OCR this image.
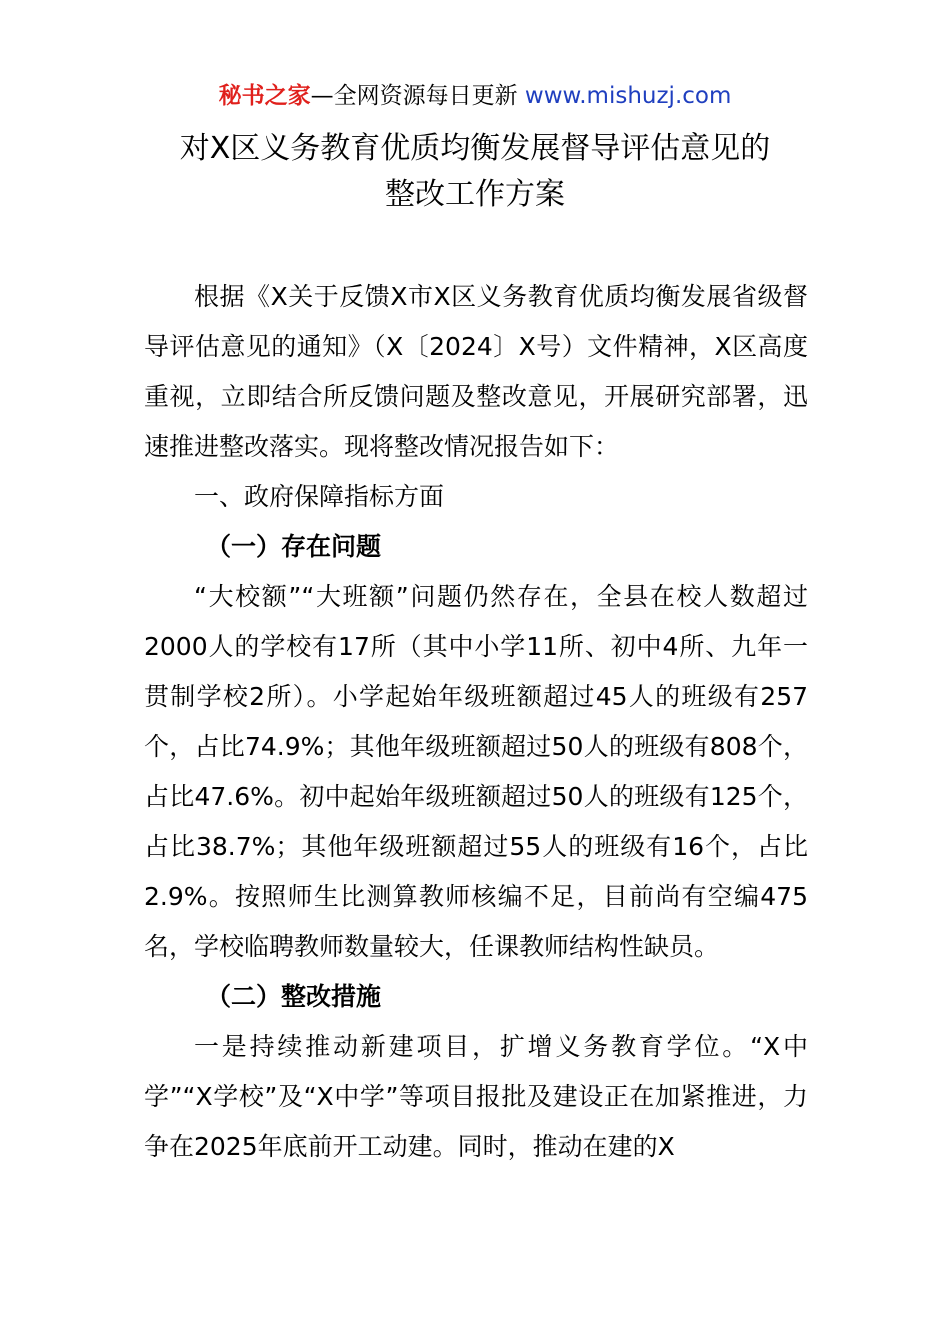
秘书之家—全网资源每日更新 www.mishuzj.com
对X区义务教育优质均衡发展督导评估意见的
整改工作方案

根据《X关于反馈X市X区义务教育优质均衡发展省级督导评估意见的通知》（X〔2024〕X号）文件精神，X区高度重视，立即结合所反馈问题及整改意见，开展研究部署，迅速推进整改落实。现将整改情况报告如下：

一、政府保障指标方面

（一）存在问题

“大校额”“大班额”问题仍然存在，全县在校人数超过2000人的学校有17所（其中小学11所、初中4所、九年一贯制学校2所）。小学起始年级班额超过45人的班级有257个，占比74.9%；其他年级班额超过50人的班级有808个，占比47.6%。初中起始年级班额超过50人的班级有125个，占比38.7%；其他年级班额超过55人的班级有16个，占比2.9%。按照师生比测算教师核编不足，目前尚有空编475名，学校临聘教师数量较大，任课教师结构性缺员。

（二）整改措施

一是持续推动新建项目，扩增义务教育学位。“X中学”“X学校”及“X中学”等项目报批及建设正在加紧推进，力争在2025年底前开工动建。同时，推动在建的X
